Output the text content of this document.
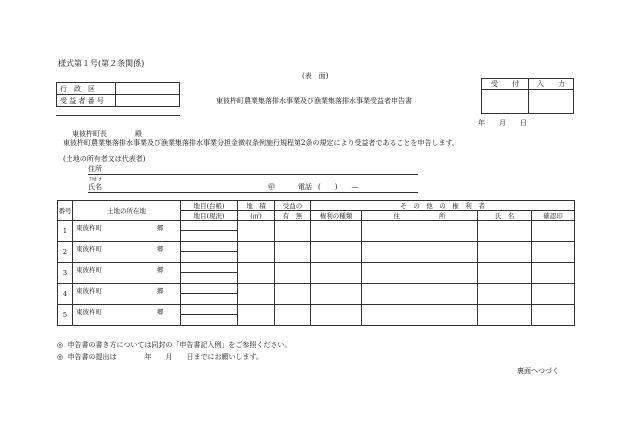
様式第１号(第２条関係)
(表　面)
行　政　区	
受 益 者 番 号		東彼杵町農業集落排水事業及び漁業集落排水事業受益者申告書
受　　付	入　　力

年　　月　　日
東彼杵町長　　　　殿
東彼杵町農業集落排水事業及び漁業集落排水事業分担金徴収条例施行規程第2条の規定により受益者であることを申告します。
(土地の所有者又は代表者)
住所
ﾌﾘｶﾞﾅ
氏名	㊞	電話 (　　)　　—
番号	土地の所在地	地目(台帳)	地　積	受益の	そ　の　他　の　権　利　者			
		地目(現況)	(㎡)	有　無	権利の種類	住　　　　　　所	氏　名	確認印
1	東彼杵町 郷							

2	東彼杵町 郷							

3	東彼杵町 郷							

4	東彼杵町 郷							

5	東彼杵町 郷							

◎ 申告書の書き方については同封の「申告書記入例」をご参照ください。
◎ 申告書の提出は　　　　年　　月　　日までにお願いします。
裏面へつづく
